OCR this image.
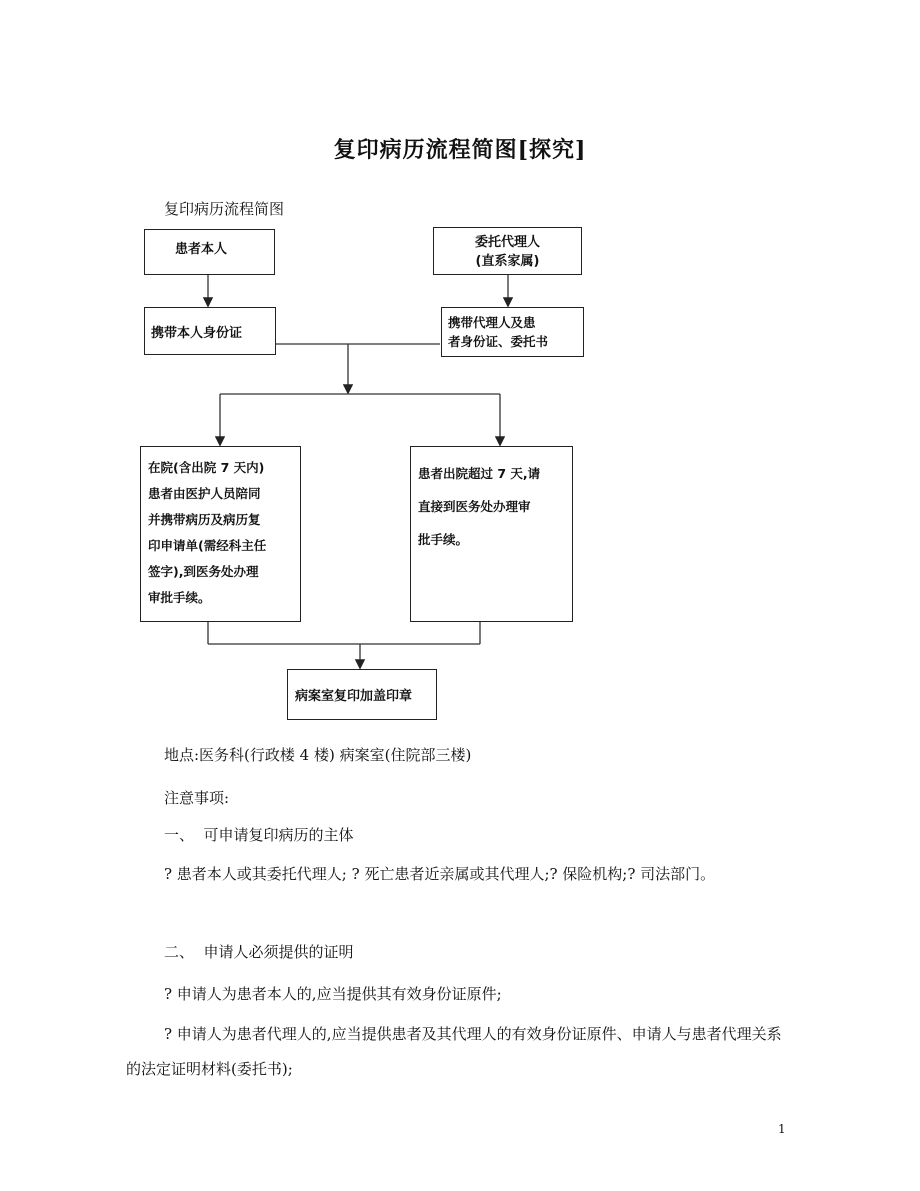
复印病历流程简图[探究]
复印病历流程简图
患者本人	委托代理人
(直系家属)
携带本人身份证
携带代理人及患
者身份证、委托书
在院(含出院 7 天内)
患者由医护人员陪同
并携带病历及病历复
印申请单(需经科主任
签字),到医务处办理
审批手续。
患者出院超过 7 天,请
直接到医务处办理审
批手续。
病案室复印加盖印章
地点:医务科(行政楼 4 楼) 病案室(住院部三楼)
注意事项:
一、  可申请复印病历的主体
? 患者本人或其委托代理人; ? 死亡患者近亲属或其代理人;? 保险机构;? 司法部门。
二、  申请人必须提供的证明
? 申请人为患者本人的,应当提供其有效身份证原件;
? 申请人为患者代理人的,应当提供患者及其代理人的有效身份证原件、申请人与患者代理关系的法定证明材料(委托书);
1
